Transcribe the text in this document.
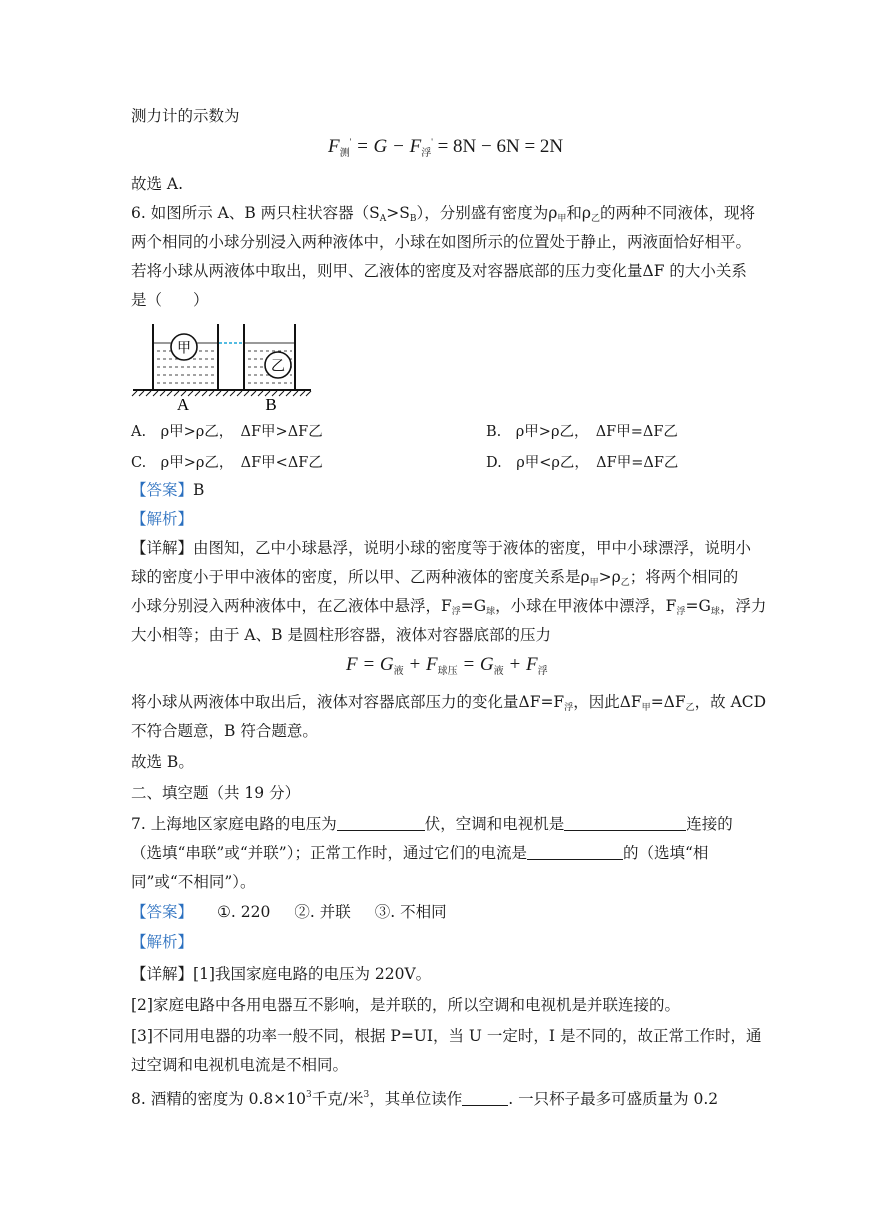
测力计的示数为
$F_测' = G - F_浮' = 8N - 6N = 2N$
故选 A.
6. 如图所示 A、B 两只柱状容器（SA>SB），分别盛有密度为ρ甲和ρ乙的两种不同液体，现将
两个相同的小球分别浸入两种液体中，小球在如图所示的位置处于静止，两液面恰好相平。
若将小球从两液体中取出，则甲、乙液体的密度及对容器底部的压力变化量ΔF 的大小关系
是（　　）
甲
乙
A	B
A.　ρ甲>ρ乙，　ΔF甲>ΔF乙	B.　ρ甲>ρ乙，　ΔF甲=ΔF乙
C.　ρ甲>ρ乙，　ΔF甲<ΔF乙	D.　ρ甲<ρ乙，　ΔF甲=ΔF乙
【答案】B
【解析】
【详解】由图知，乙中小球悬浮，说明小球的密度等于液体的密度，甲中小球漂浮，说明小
球的密度小于甲中液体的密度，所以甲、乙两种液体的密度关系是ρ甲>ρ乙；将两个相同的
小球分别浸入两种液体中，在乙液体中悬浮，F浮=G球，小球在甲液体中漂浮，F浮=G球，浮力
大小相等；由于 A、B 是圆柱形容器，液体对容器底部的压力
$F = G_液 + F_{球压} = G_液 + F_浮$
将小球从两液体中取出后，液体对容器底部压力的变化量ΔF=F浮，因此ΔF甲=ΔF乙，故 ACD
不符合题意，B 符合题意。
故选 B。
二、填空题（共 19 分）
7. 上海地区家庭电路的电压为	伏，空调和电视机是	连接的
（选填“串联”或“并联”）；正常工作时，通过它们的电流是	的（选填“相
同”或“不相同”）。
【答案】 ①. 220 ②. 并联 ③. 不相同
【解析】
【详解】[1]我国家庭电路的电压为 220V。
[2]家庭电路中各用电器互不影响，是并联的，所以空调和电视机是并联连接的。
[3]不同用电器的功率一般不同，根据 P=UI，当 U 一定时，I 是不同的，故正常工作时，通
过空调和电视机电流是不相同。
8. 酒精的密度为 $0.8\times 10^3$千克/米$^3$，其单位读作	. 一只杯子最多可盛质量为 0.2
